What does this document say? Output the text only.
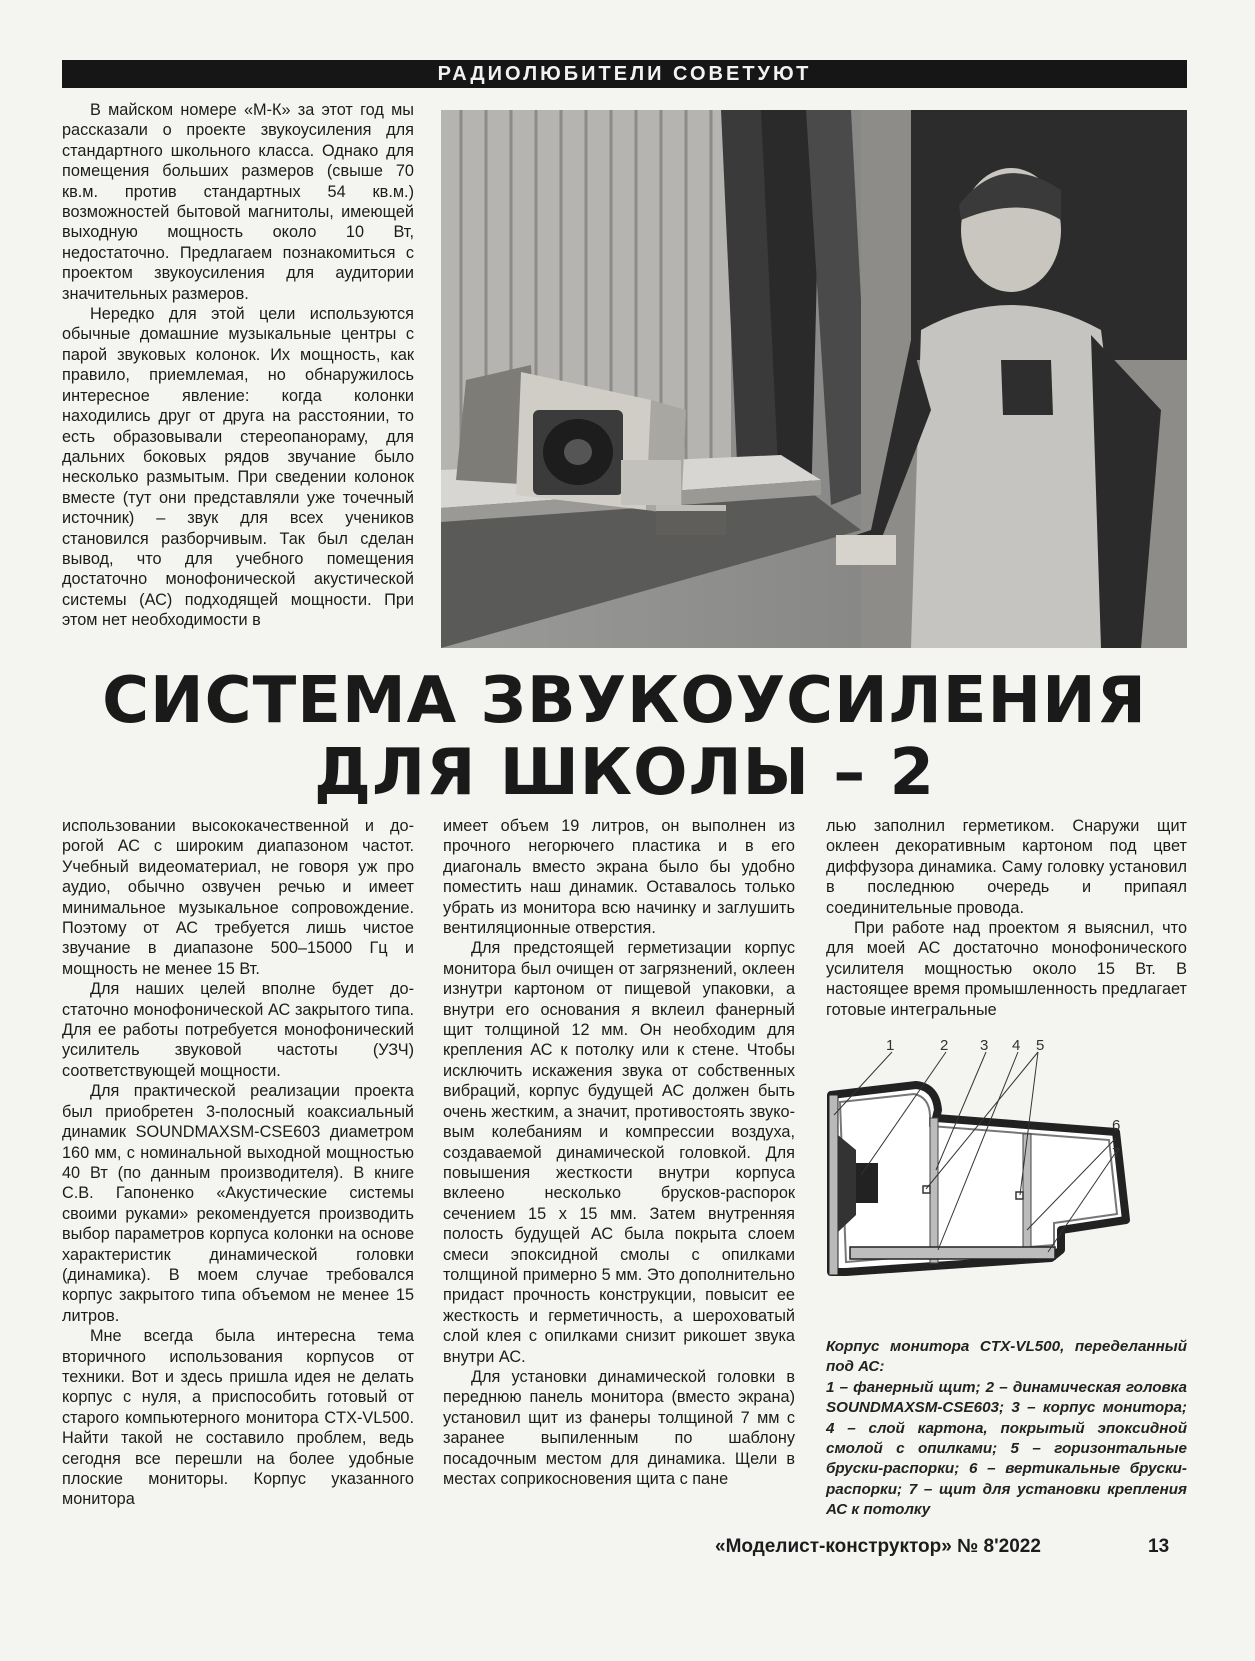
РАДИОЛЮБИТЕЛИ СОВЕТУЮТ

В майском номере «М-К» за этот год мы рассказали о проекте звукоусиления для стандартного школьного класса. Однако для помещения больших размеров (свыше 70 кв.м. против стандартных 54 кв.м.) возможностей бытовой магнитолы, имеющей выходную мощность около 10 Вт, недостаточно. Предлагаем познакомиться с проектом звукоусиления для аудитории значительных размеров.

Нередко для этой цели используются обычные домашние музыкальные центры с парой звуковых колонок. Их мощность, как правило, приемлемая, но обнаружилось интересное явление: когда колонки находились друг от друга на расстоянии, то есть образовывали стереопанораму, для дальних боковых рядов звучание было несколько размытым. При сведении колонок вместе (тут они представляли уже точечный источник) – звук для всех учеников становился разборчивым. Так был сделан вывод, что для учебного помещения достаточно монофонической акустической системы (АС) подходящей мощности. При этом нет необходимости в

СИСТЕМА ЗВУКОУСИЛЕНИЯ
ДЛЯ ШКОЛЫ – 2

использовании высококачественной и дорогой АС с широким диапазоном частот. Учебный видеоматериал, не говоря уж про аудио, обычно озвучен речью и имеет минимальное музыкальное сопровождение. Поэтому от АС требуется лишь чистое звучание в диапазоне 500–15000 Гц и мощность не менее 15 Вт.

Для наших целей вполне будет достаточно монофонической АС закрытого типа. Для ее работы потребуется монофонический усилитель звуковой частоты (УЗЧ) соответствующей мощности.

Для практической реализации проекта был приобретен 3-полосный коаксиальный динамик SOUNDMAXSM-CSE603 диаметром 160 мм, с номинальной выходной мощностью 40 Вт (по данным производителя). В книге С.В. Гапоненко «Акустические системы своими руками» рекомендуется производить выбор параметров корпуса колонки на основе характеристик динамической головки (динамика). В моем случае требовался корпус закрытого типа объемом не менее 15 литров.

Мне всегда была интересна тема вторичного использования корпусов от техники. Вот и здесь пришла идея не делать корпус с нуля, а приспособить готовый от старого компьютерного монитора CTX-VL500. Найти такой не составило проблем, ведь сегодня все перешли на более удобные плоские мониторы. Корпус указанного монитора

имеет объем 19 литров, он выполнен из прочного негорючего пластика и в его диагональ вместо экрана было бы удобно поместить наш динамик. Оставалось только убрать из монитора всю начинку и заглушить вентиляционные отверстия.

Для предстоящей герметизации корпус монитора был очищен от загрязнений, оклеен изнутри картоном от пищевой упаковки, а внутри его основания я вклеил фанерный щит толщиной 12 мм. Он необходим для крепления АС к потолку или к стене. Чтобы исключить искажения звука от собственных вибраций, корпус будущей АС должен быть очень жестким, а значит, противостоять звуковым колебаниям и компрессии воздуха, создаваемой динамической головкой. Для повышения жесткости внутри корпуса вклеено несколько брусков-распорок сечением 15 х 15 мм. Затем внутренняя полость будущей АС была покрыта слоем смеси эпоксидной смолы с опилками толщиной примерно 5 мм. Это дополнительно придаст прочность конструкции, повысит ее жесткость и герметичность, а шероховатый слой клея с опилками снизит рикошет звука внутри АС.

Для установки динамической головки в переднюю панель монитора (вместо экрана) установил щит из фанеры толщиной 7 мм с заранее выпиленным по шаблону посадочным местом для динамика. Щели в местах соприкосновения щита с пане

лью заполнил герметиком. Снаружи щит оклеен декоративным картоном под цвет диффузора динамика. Саму головку установил в последнюю очередь и припаял соединительные провода.

При работе над проектом я выяснил, что для моей АС достаточно монофонического усилителя мощностью около 15 Вт. В настоящее время промышленность предлагает готовые интегральные

1	2 3 4 5
6
7
Корпус монитора CTX-VL500, переделанный под АС:
1 – фанерный щит; 2 – динамическая головка SOUNDMAXSM-CSE603; 3 – корпус монитора; 4 – слой картона, покрытый эпоксидной смолой с опилками; 5 – горизонтальные бруски-распорки; 6 – вертикальные бруски-распорки; 7 – щит для установки крепления АС к потолку
«Моделист-конструктор» № 8'2022	13
